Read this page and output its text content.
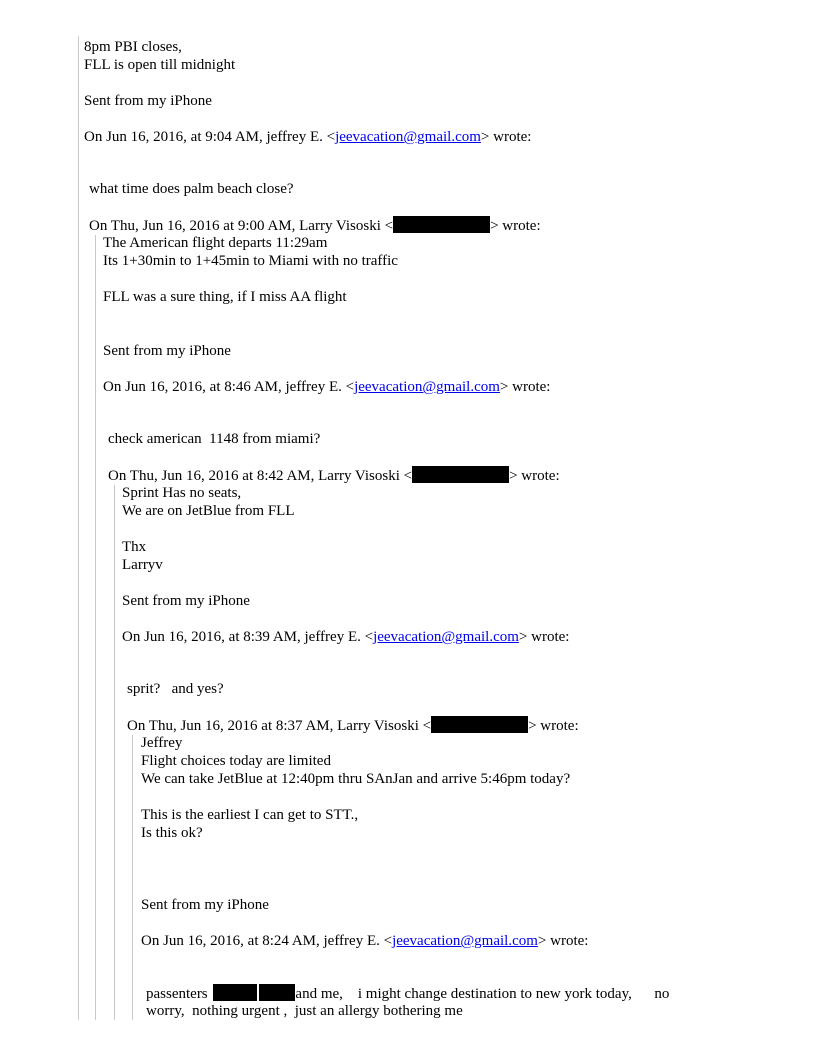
8pm PBI closes,
FLL is open till midnight
Sent from my iPhone
On Jun 16, 2016, at 9:04 AM, jeffrey E. <jeevacation@gmail.com> wrote:
what time does palm beach close?
On Thu, Jun 16, 2016 at 9:00 AM, Larry Visoski <	> wrote:
The American flight departs 11:29am
Its 1+30min to 1+45min to Miami with no traffic
FLL was a sure thing, if I miss AA flight
Sent from my iPhone
On Jun 16, 2016, at 8:46 AM, jeffrey E. <jeevacation@gmail.com> wrote:
check american  1148 from miami?
On Thu, Jun 16, 2016 at 8:42 AM, Larry Visoski <	> wrote:
Sprint Has no seats,
We are on JetBlue from FLL
Thx
Larryv
Sent from my iPhone
On Jun 16, 2016, at 8:39 AM, jeffrey E. <jeevacation@gmail.com> wrote:
sprit?   and yes?
On Thu, Jun 16, 2016 at 8:37 AM, Larry Visoski <	> wrote:
Jeffrey
Flight choices today are limited
We can take JetBlue at 12:40pm thru SAnJan and arrive 5:46pm today?
This is the earliest I can get to STT.,
Is this ok?
Sent from my iPhone
On Jun 16, 2016, at 8:24 AM, jeffrey E. <jeevacation@gmail.com> wrote:
passenters	and me,    i might change destination to new york today,      no
worry,  nothing urgent ,  just an allergy bothering me
